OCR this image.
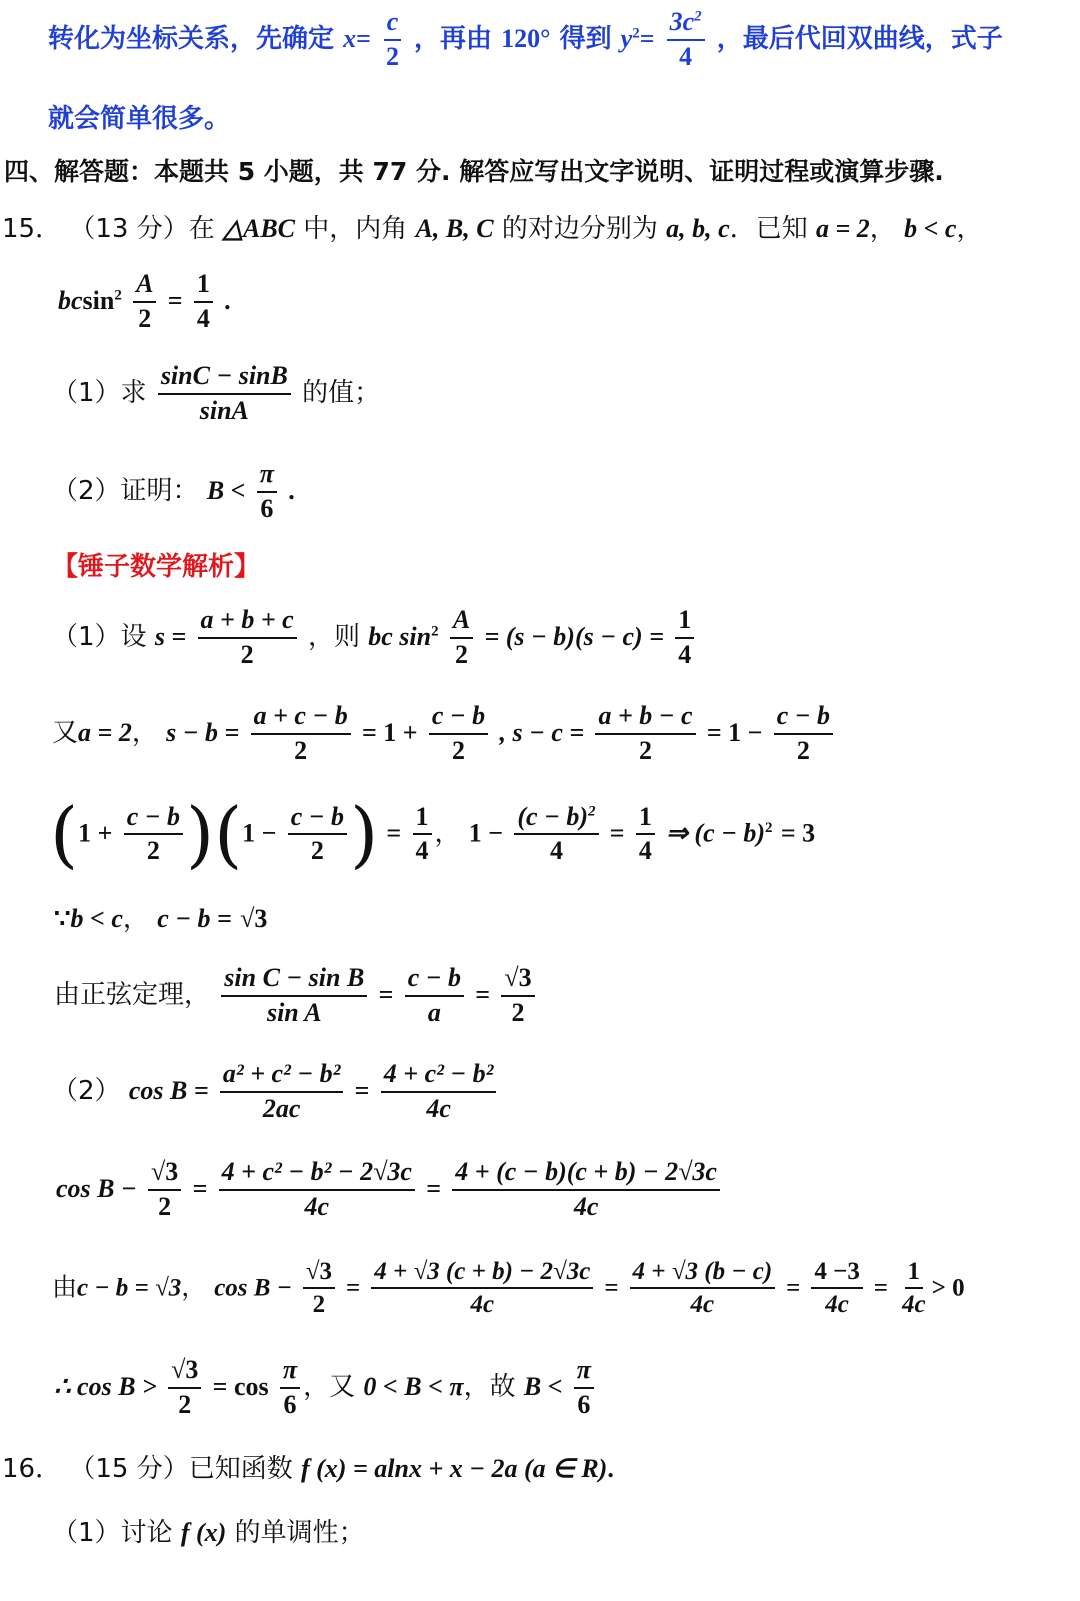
转化为坐标关系，先确定 $x= \frac{c}{2}$ ，再由 120° 得到 $y^2= \frac{3c^2}{4}$ ，最后代回双曲线，式子
就会简单很多。
四、解答题：本题共 5 小题，共 77 分. 解答应写出文字说明、证明过程或演算步骤.
15． （13 分）在 △ABC 中，内角 A, B, C 的对边分别为 a, b, c．已知 a = 2， b < c，
$bcsin^2 \frac{A}{2} = \frac{1}{4}$ .
（1）求 $\frac{\sin C - \sin B}{\sin A}$ 的值；
（2）证明： $B < \frac{\pi}{6}$ .
【锤子数学解析】
（1）设 $s = \frac{a + b + c}{2}$ ，则 bc $\sin^2 \frac{A}{2} = (s - b)(s - c) = \frac{1}{4}$
又a = 2， $s - b = \frac{a + c - b}{2} = 1 + \frac{c - b}{2}$ , $s - c = \frac{a + b - c}{2} = 1 - \frac{c - b}{2}$
$(1 + \frac{c - b}{2} )(1 - \frac{c - b}{2}$ ) = $\frac{1}{4}$ ， $1 - \frac{(c - b)^2}{4} = \frac{1}{4}$ ⇒ $(c - b)^2 = 3$
∵b < c， c − b = √3
由正弦定理， $\frac{\text{sin C − sin B}}{\text{sin A}} = \frac{c - b}{a} = \frac{√3}{2}$
（2） $\cos B = \frac{\text{a² + c² − b²}}{2ac} = \frac{\text{4 + c² − b²}}{4c}$
$\cos B - \frac{√3}{2} = \frac{\text{4 + c² − b² − 2√3c}}{4c} = \frac{4 + (c - b)(c + b) - 2√3c}{4c}$
由c − b = √3， $\cos B - \frac{√3}{2} = \frac{4 + √3 (c + b) - 2√3c}{4c} = \frac{4 + √3 (b - c)}{4c} = \frac{4 -3}{4c} = \frac{1}{4c} > 0$
∴ $\cos B > \frac{√3}{2} = \cos \frac{\pi}{6}$ ，又 0 < B < π，故 $B < \frac{\pi}{6}$
16． （15 分）已知函数 f (x) = alnx + x − 2a (a ∈ R).
（1）讨论 f (x) 的单调性；
